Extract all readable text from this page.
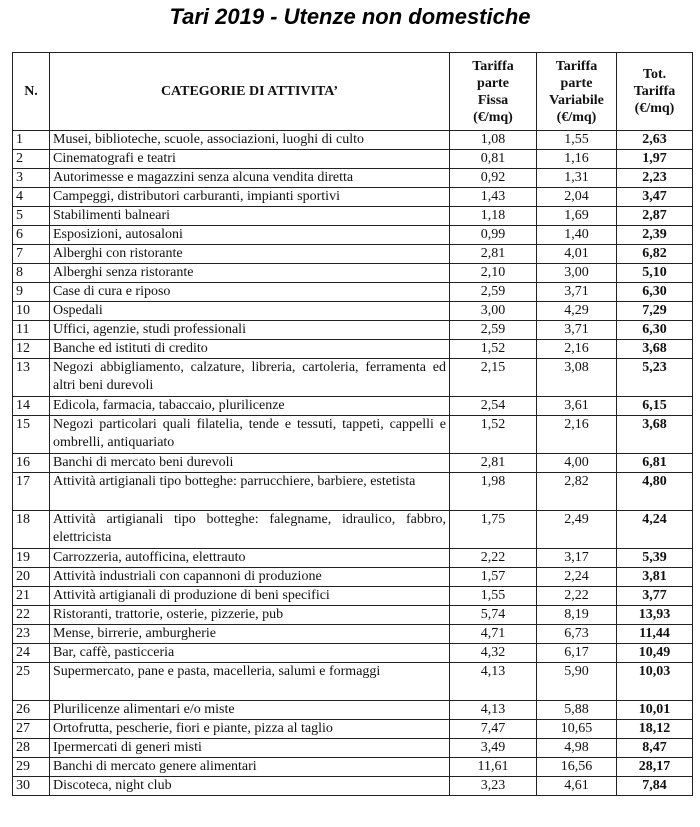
Tari 2019 - Utenze non domestiche
N.	CATEGORIE DI ATTIVITA’	Tariffa
parte
Fissa
(€/mq)	Tariffa
parte
Variabile
(€/mq)	Tot.
Tariffa
(€/mq)
1	Musei, biblioteche, scuole, associazioni, luoghi di culto	1,08	1,55	2,63
2	Cinematografi e teatri	0,81	1,16	1,97
3	Autorimesse e magazzini senza alcuna vendita diretta	0,92	1,31	2,23
4	Campeggi, distributori carburanti, impianti sportivi	1,43	2,04	3,47
5	Stabilimenti balneari	1,18	1,69	2,87
6	Esposizioni, autosaloni	0,99	1,40	2,39
7	Alberghi con ristorante	2,81	4,01	6,82
8	Alberghi senza ristorante	2,10	3,00	5,10
9	Case di cura e riposo	2,59	3,71	6,30
10	Ospedali	3,00	4,29	7,29
11	Uffici, agenzie, studi professionali	2,59	3,71	6,30
12	Banche ed istituti di credito	1,52	2,16	3,68
13	Negozi abbigliamento, calzature, libreria, cartoleria, ferramenta ed altri beni durevoli	2,15	3,08	5,23
14	Edicola, farmacia, tabaccaio, plurilicenze	2,54	3,61	6,15
15	Negozi particolari quali filatelia, tende e tessuti, tappeti, cappelli e ombrelli, antiquariato	1,52	2,16	3,68
16	Banchi di mercato beni durevoli	2,81	4,00	6,81
17	Attività artigianali tipo botteghe: parrucchiere, barbiere, estetista	1,98	2,82	4,80
18	Attività artigianali tipo botteghe: falegname, idraulico, fabbro, elettricista	1,75	2,49	4,24
19	Carrozzeria, autofficina, elettrauto	2,22	3,17	5,39
20	Attività industriali con capannoni di produzione	1,57	2,24	3,81
21	Attività artigianali di produzione di beni specifici	1,55	2,22	3,77
22	Ristoranti, trattorie, osterie, pizzerie, pub	5,74	8,19	13,93
23	Mense, birrerie, amburgherie	4,71	6,73	11,44
24	Bar, caffè, pasticceria	4,32	6,17	10,49
25	Supermercato, pane e pasta, macelleria, salumi e formaggi	4,13	5,90	10,03
26	Plurilicenze alimentari e/o miste	4,13	5,88	10,01
27	Ortofrutta, pescherie, fiori e piante, pizza al taglio	7,47	10,65	18,12
28	Ipermercati di generi misti	3,49	4,98	8,47
29	Banchi di mercato genere alimentari	11,61	16,56	28,17
30	Discoteca, night club	3,23	4,61	7,84
